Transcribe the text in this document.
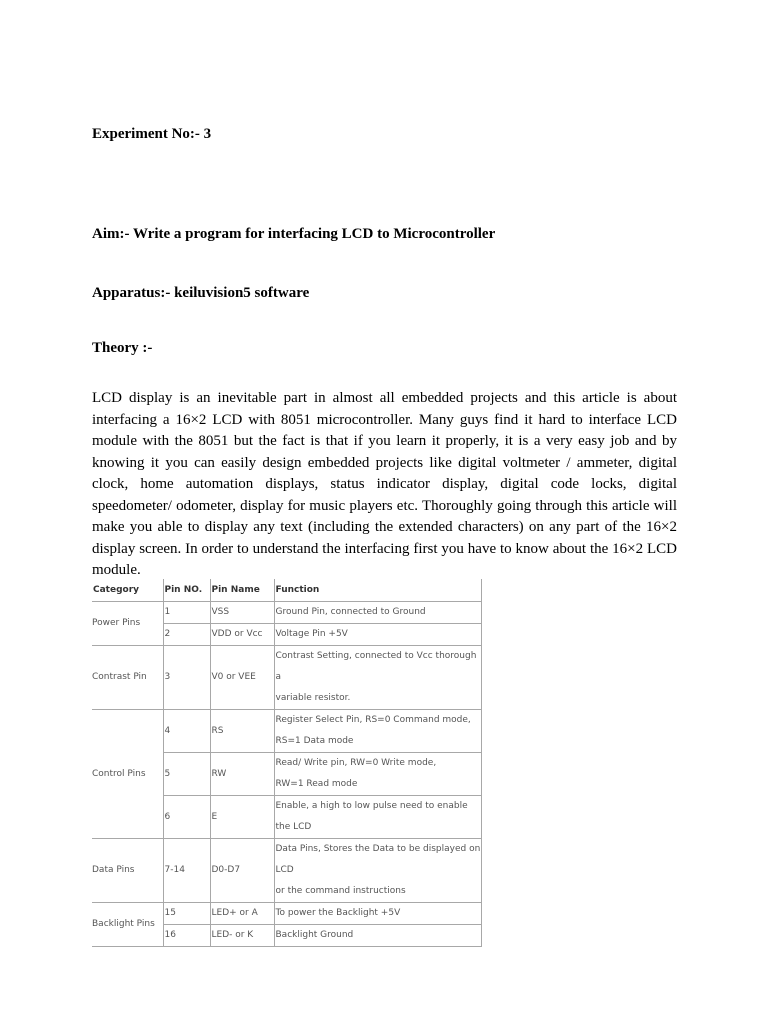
Experiment No:- 3
Aim:- Write a program for interfacing LCD to Microcontroller
Apparatus:- keiluvision5 software
Theory :-

LCD display is an inevitable part in almost all embedded projects and this article is about interfacing a 16×2 LCD with 8051 microcontroller. Many guys find it hard to interface LCD module with the 8051 but the fact is that if you learn it properly, it is a very easy job and by knowing it you can easily design embedded projects like digital voltmeter / ammeter, digital clock, home automation displays, status indicator display, digital code locks, digital speedometer/ odometer, display for music players etc. Thoroughly going through this article will make you able to display any text (including the extended characters) on any part of the 16×2 display screen. In order to understand the interfacing first you have to know about the 16×2 LCD module.

Category	Pin NO.	Pin Name	Function
Power Pins	1	VSS	Ground Pin, connected to Ground

	2	VDD or Vcc	Voltage Pin +5V

Contrast Pin	3	V0 or VEE	Contrast Setting, connected to Vcc thorough a
variable resistor.

Control Pins	4	RS	Register Select Pin, RS=0 Command mode,
RS=1 Data mode

	5	RW	Read/ Write pin, RW=0 Write mode,
RW=1 Read mode

	6	E	Enable, a high to low pulse need to enable the LCD

Data Pins	7-14	D0-D7	Data Pins, Stores the Data to be displayed on LCD
or the command instructions

Backlight Pins	15	LED+ or A	To power the Backlight +5V

	16	LED- or K	Backlight Ground
